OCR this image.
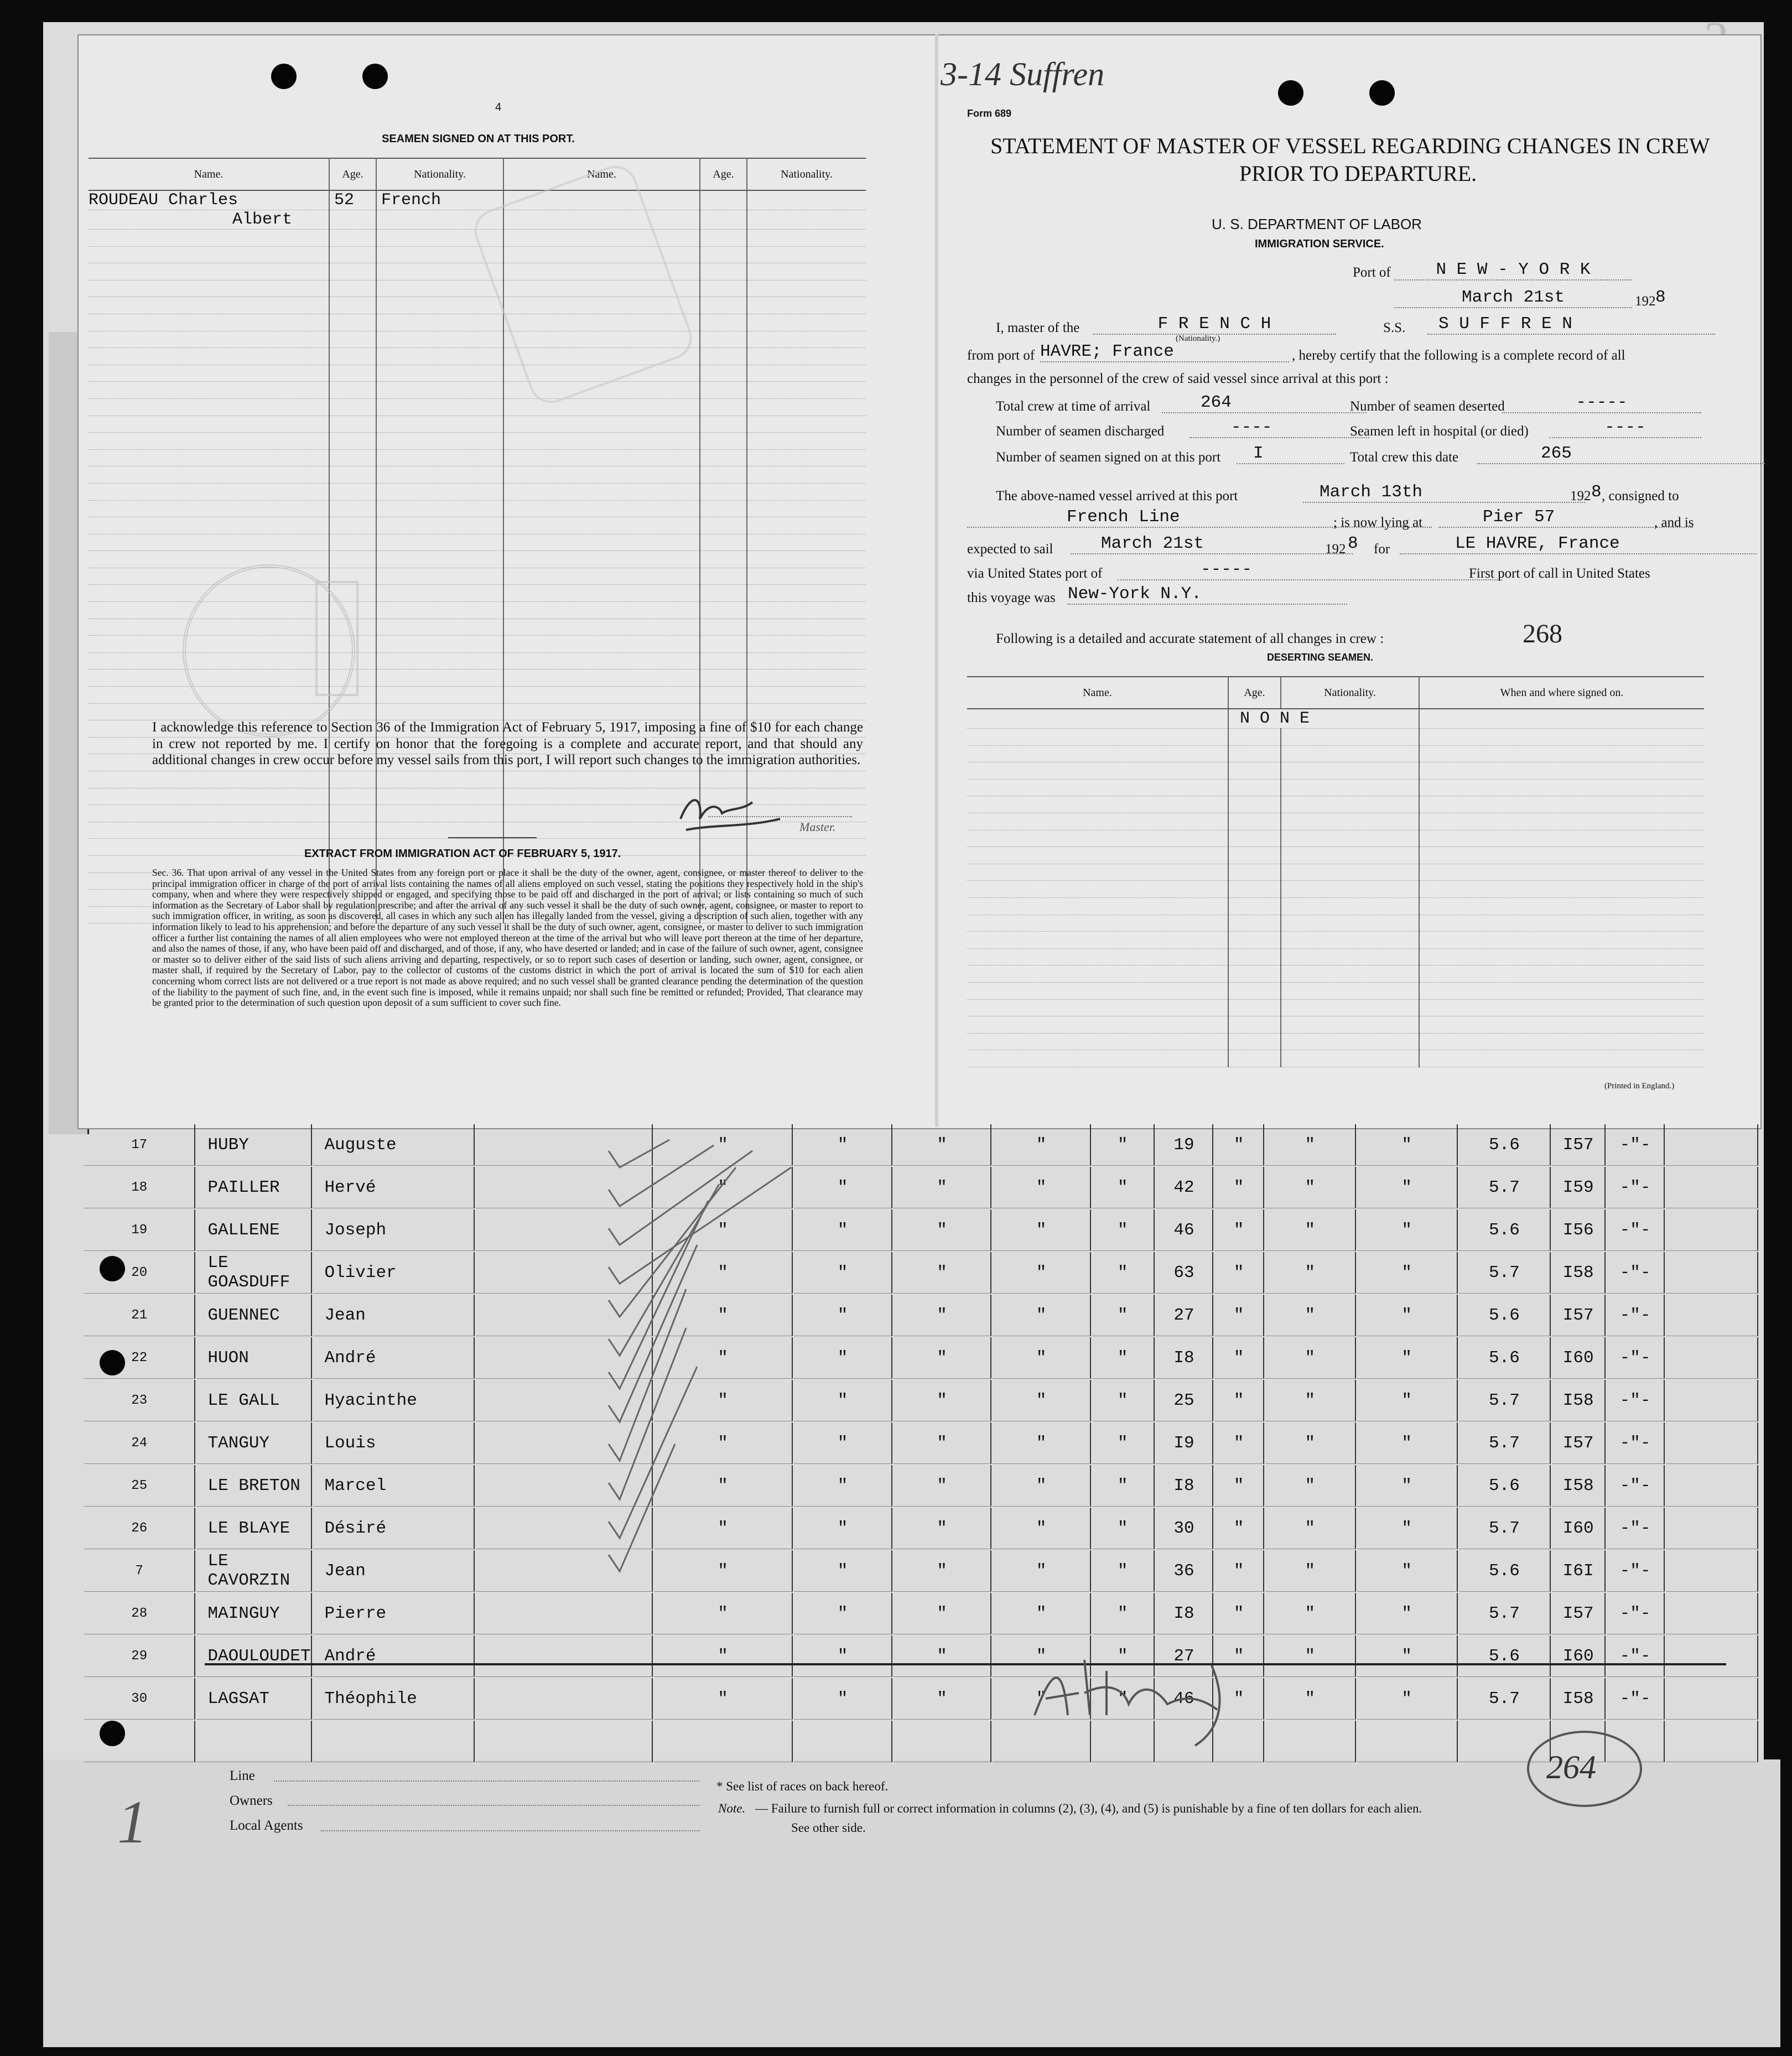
3-14 Suffren
4
SEAMEN SIGNED ON AT THIS PORT.
Name.	Age.	Nationality.	Name.	Age.	Nationality.
ROUDEAU Charles	52	French			
Albert					

I acknowledge this reference to Section 36 of the Immigration Act of February 5, 1917, imposing a fine of $10 for each change in crew not reported by me. I certify on honor that the foregoing is a complete and accurate report, and that should any additional changes in crew occur before my vessel sails from this port, I will report such changes to the immigration authorities.
Master.
EXTRACT FROM IMMIGRATION ACT OF FEBRUARY 5, 1917.
Sec. 36. That upon arrival of any vessel in the United States from any foreign port or place it shall be the duty of the owner, agent, consignee, or master thereof to deliver to the principal immigration officer in charge of the port of arrival lists containing the names of all aliens employed on such vessel, stating the positions they respectively hold in the ship's company, when and where they were respectively shipped or engaged, and specifying those to be paid off and discharged in the port of arrival; or lists containing so much of such information as the Secretary of Labor shall by regulation prescribe; and after the arrival of any such vessel it shall be the duty of such owner, agent, consignee, or master to report to such immigration officer, in writing, as soon as discovered, all cases in which any such alien has illegally landed from the vessel, giving a description of such alien, together with any information likely to lead to his apprehension; and before the departure of any such vessel it shall be the duty of such owner, agent, consignee, or master to deliver to such immigration officer a further list containing the names of all alien employees who were not employed thereon at the time of the arrival but who will leave port thereon at the time of her departure, and also the names of those, if any, who have been paid off and discharged, and of those, if any, who have deserted or landed; and in case of the failure of such owner, agent, consignee or master so to deliver either of the said lists of such aliens arriving and departing, respectively, or so to report such cases of desertion or landing, such owner, agent, consignee, or master shall, if required by the Secretary of Labor, pay to the collector of customs of the customs district in which the port of arrival is located the sum of $10 for each alien concerning whom correct lists are not delivered or a true report is not made as above required; and no such vessel shall be granted clearance pending the determination of the question of the liability to the payment of such fine, and, in the event such fine is imposed, while it remains unpaid; nor shall such fine be remitted or refunded; Provided, That clearance may be granted prior to the determination of such question upon deposit of a sum sufficient to cover such fine.
Form 689
STATEMENT OF MASTER OF VESSEL REGARDING CHANGES IN CREW
PRIOR TO DEPARTURE.
U. S. DEPARTMENT OF LABOR
IMMIGRATION SERVICE.
Port of	N E W - Y O R K
March 21st	192 8
I, master of the	F R E N C H
(Nationality.)
S.S.	S U F F R E N
from port of HAVRE; France	, hereby certify that the following is a complete record of all
changes in the personnel of the crew of said vessel since arrival at this port :
Total crew at time of arrival	264	Number of seamen deserted	-----
Number of seamen discharged	----	Seamen left in hospital (or died)	----
Number of seamen signed on at this port	I	Total crew this date	265
The above-named vessel arrived at this port	March 13th	192 8 , consigned to
French Line	; is now lying at	Pier 57	, and is
expected to sail	March 21st	192 8 for	LE HAVRE, France
via United States port of	-----	First port of call in United States
this voyage was New-York N.Y.
Following is a detailed and accurate statement of all changes in crew :	268
DESERTING SEAMEN.
Name.	Age.	Nationality.	When and where signed on.
	N O N E		

(Printed in England.)
17	HUBY	Auguste		"	"	"	"	"	19	"	"	"	5.6	I57	-"-	
18	PAILLER	Hervé		"	"	"	"	"	42	"	"	"	5.7	I59	-"-	
19	GALLENE	Joseph		"	"	"	"	"	46	"	"	"	5.6	I56	-"-	
20	LE GOASDUFF	Olivier		"	"	"	"	"	63	"	"	"	5.7	I58	-"-	
21	GUENNEC	Jean		"	"	"	"	"	27	"	"	"	5.6	I57	-"-	
22	HUON	André		"	"	"	"	"	I8	"	"	"	5.6	I60	-"-	
23	LE GALL	Hyacinthe		"	"	"	"	"	25	"	"	"	5.7	I58	-"-	
24	TANGUY	Louis		"	"	"	"	"	I9	"	"	"	5.7	I57	-"-	
25	LE BRETON	Marcel		"	"	"	"	"	I8	"	"	"	5.6	I58	-"-	
26	LE BLAYE	Désiré		"	"	"	"	"	30	"	"	"	5.7	I60	-"-	
7	LE CAVORZIN	Jean		"	"	"	"	"	36	"	"	"	5.6	I6I	-"-	
28	MAINGUY	Pierre		"	"	"	"	"	I8	"	"	"	5.7	I57	-"-	
29	DAOULOUDET	André		"	"	"	"	"	27	"	"	"	5.6	I60	-"-	
30	LAGSAT	Théophile		"	"	"	"	"	46	"	"	"	5.7	I58	-"-	

Line
Owners
Local Agents
1
* See list of races on back hereof.
Note. — Failure to furnish full or correct information in columns (2), (3), (4), and (5) is punishable by a fine of ten dollars for each alien.
See other side.
264
